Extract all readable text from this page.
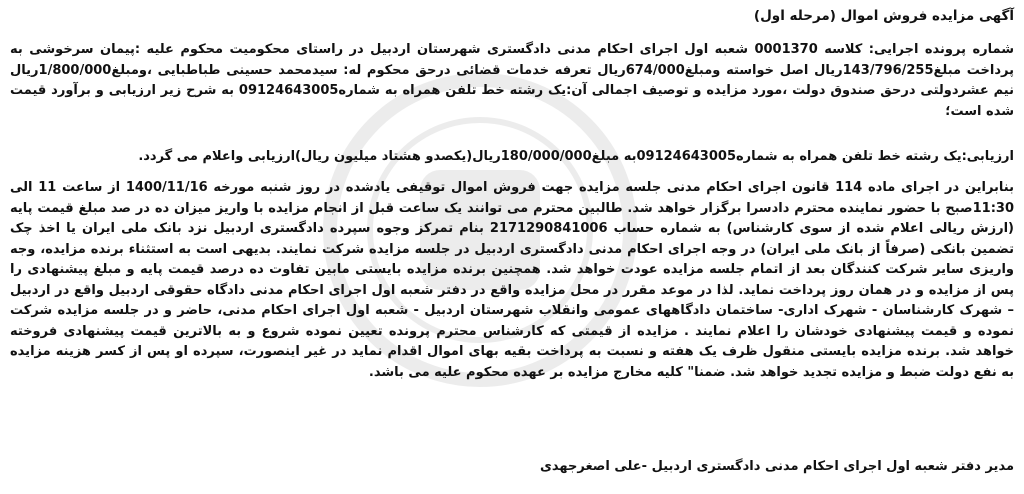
آگهی مزایده فروش اموال (مرحله اول)
شماره پرونده اجرایی: کلاسه 0001370 شعبه اول اجرای احکام مدنی دادگستری شهرستان اردبیل در راستای محکومیت محکوم علیه :پیمان سرخوشی به پرداخت مبلغ143/796/255ریال اصل خواسته ومبلغ674/000ریال تعرفه خدمات قضائی درحق محکوم له: سیدمحمد حسینی طباطبایی ،ومبلغ1/800/000ریال نیم عشردولتی درحق صندوق دولت ،مورد مزایده و توصیف اجمالی آن:یک رشته خط تلفن همراه به شماره09124643005 به شرح زیر ارزیابی و برآورد قیمت شده است؛
ارزیابی:یک رشته خط تلفن همراه به شماره09124643005به مبلغ180/000/000ریال(یکصدو هشتاد میلیون ریال)ارزیابی واعلام می گردد.
بنابراین در اجرای ماده 114 قانون اجرای احکام مدنی جلسه مزایده جهت فروش اموال توقیفی یادشده در روز شنبه مورخه 1400/11/16 از ساعت 11 الی 11:30صبح با حضور نماینده محترم دادسرا برگزار خواهد شد. طالبین محترم می توانند یک ساعت قبل از انجام مزایده با واریز میزان ده در صد مبلغ قیمت پایه (ارزش ریالی اعلام شده از سوی کارشناس) به شماره حساب 2171290841006 بنام تمرکز وجوه سپرده دادگستری اردبیل نزد بانک ملی ایران یا اخذ چک تضمین بانکی (صرفاً از بانک ملی ایران) در وجه اجرای احکام مدنی دادگستری اردبیل در جلسه مزایده شرکت نمایند. بدیهی است به استثناء برنده مزایده، وجه واریزی سایر شرکت کنندگان بعد از اتمام جلسه مزایده عودت خواهد شد. همچنین برنده مزایده بایستی مابین تفاوت ده درصد قیمت پایه و مبلغ پیشنهادی را پس از مزایده و در همان روز پرداخت نماید. لذا در موعد مقرر در محل مزایده واقع در دفتر شعبه اول اجرای احکام مدنی دادگاه حقوقی اردبیل واقع در اردبیل – شهرک کارشناسان - شهرک اداری- ساختمان دادگاههای عمومی وانقلاب شهرستان اردبیل - شعبه اول اجرای احکام مدنی، حاضر و در جلسه مزایده شرکت نموده و قیمت پیشنهادی خودشان را اعلام نمایند . مزایده از قیمتی که کارشناس محترم پرونده تعیین نموده شروع و به بالاترین قیمت پیشنهادی فروخته خواهد شد. برنده مزایده بایستی منقول ظرف یک هفته و نسبت به پرداخت بقیه بهای اموال اقدام نماید در غیر اینصورت، سپرده او پس از کسر هزینه مزایده به نفع دولت ضبط و مزایده تجدید خواهد شد. ضمنا" کلیه مخارج مزایده بر عهده محکوم علیه می باشد.
مدیر دفتر شعبه اول اجرای احکام مدنی دادگستری اردبیل -علی اصغرجهدی
